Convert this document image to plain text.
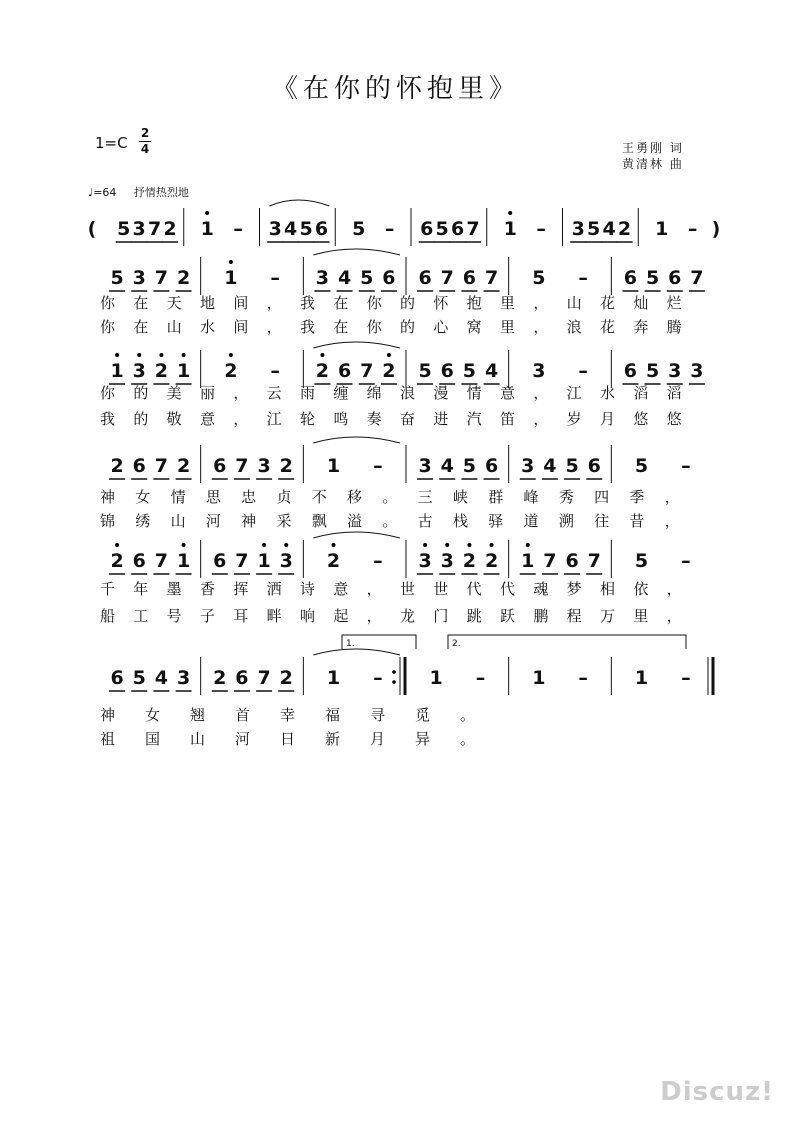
《在你的怀抱里》
1=C
2
4	王勇刚 词
黄清林 曲
♩=64 抒情热烈地
(	)
5 3 7 2 1 – 3 4 5 6 5 – 6 5 6 7 1 – 3 5 4 2 1 –
5 3 7 2 1 – 3 4 5 6 6 7 6 7 5 – 6 5 6 7
1 3 2 1 2 – 2 6 7 2 5 6 5 4 3 – 6 5 3 3
2 6 7 2 6 7 3 2 1 – 3 4 5 6 3 4 5 6 5 –
2 6 7 1 6 7 1 3 2 – 3 3 2 2 1 7 6 7 5 –
6 5 4 3 2 6 7 2 1 – 1 – 1 – 1 –
1.	2.
你在天地间，我在你的怀抱里，山花灿烂
你在山水间，我在你的心窝里，浪花奔腾
你的美丽，云雨缠绵浪漫情意，江水滔滔
我的敬意，江轮鸣奏奋进汽笛，岁月悠悠
神女情思忠贞不移。三峡群峰秀四季，
锦绣山河神采飘溢。古栈驿道溯往昔，
千年墨香挥洒诗意，世世代代魂梦相依，
船工号子耳畔响起，龙门跳跃鹏程万里，
神女翘首幸福寻觅。
祖国山河日新月异。
Discuz!
